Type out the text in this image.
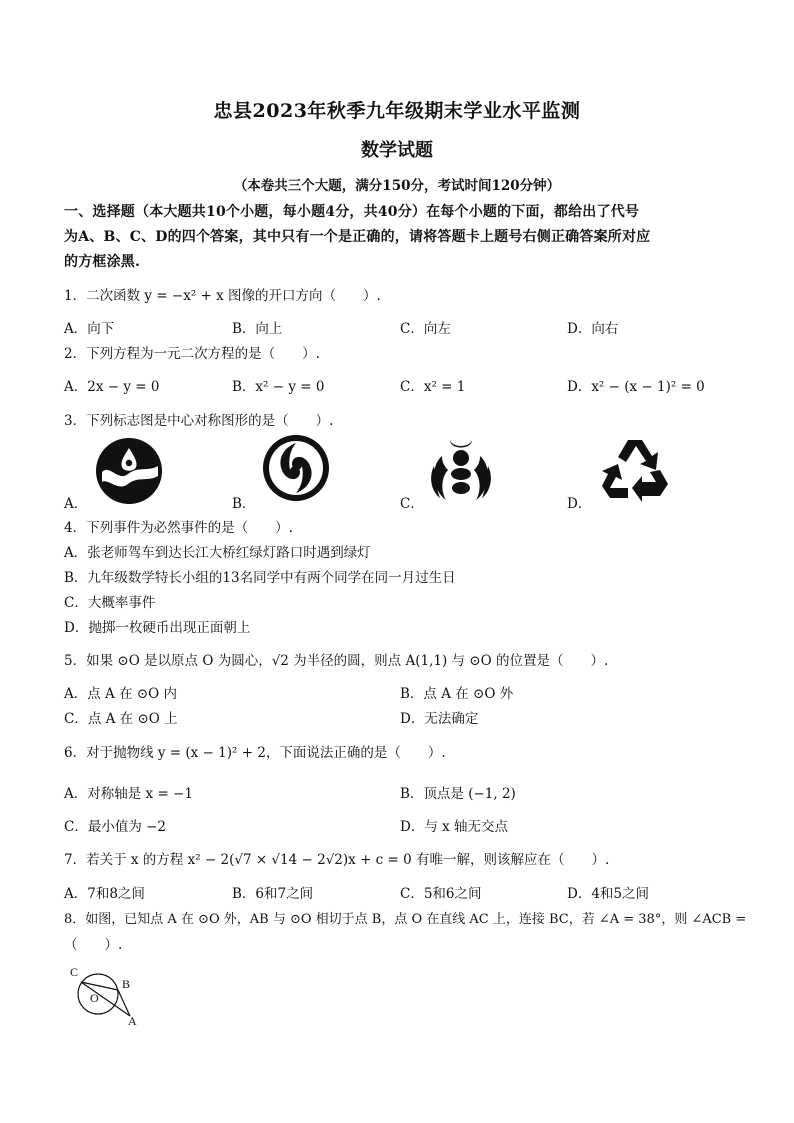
忠县2023年秋季九年级期末学业水平监测
数学试题
（本卷共三个大题，满分150分，考试时间120分钟）
一、选择题（本大题共10个小题，每小题4分，共40分）在每个小题的下面，都给出了代号
为A、B、C、D的四个答案，其中只有一个是正确的，请将答题卡上题号右侧正确答案所对应
的方框涂黑.
1．二次函数 y = −x² + x 图像的开口方向（　　）.
A．向下	B．向上	C．向左	D．向右
2．下列方程为一元二次方程的是（　　）.
A．2x − y = 0	B．x² − y = 0	C．x² = 1	D．x² − (x − 1)² = 0
3．下列标志图是中心对称图形的是（　　）.
A．	B．	C．	D．
4．下列事件为必然事件的是（　　）.
A．张老师驾车到达长江大桥红绿灯路口时遇到绿灯
B．九年级数学特长小组的13名同学中有两个同学在同一月过生日
C．大概率事件
D．抛掷一枚硬币出现正面朝上
5．如果 ⊙O 是以原点 O 为圆心，√2 为半径的圆，则点 A(1,1) 与 ⊙O 的位置是（　　）.
A．点 A 在 ⊙O 内	B．点 A 在 ⊙O 外
C．点 A 在 ⊙O 上	D．无法确定
6．对于抛物线 y = (x − 1)² + 2，下面说法正确的是（　　）.
A．对称轴是 x = −1	B．顶点是 (−1, 2)
C．最小值为 −2	D．与 x 轴无交点
7．若关于 x 的方程 x² − 2(√7 × √14 − 2√2)x + c = 0 有唯一解，则该解应在（　　）.
A．7和8之间	B．6和7之间	C．5和6之间	D．4和5之间
8．如图，已知点 A 在 ⊙O 外，AB 与 ⊙O 相切于点 B，点 O 在直线 AC 上，连接 BC，若 ∠A = 38°，则 ∠ACB =
（　　）.
C
O
B
A
